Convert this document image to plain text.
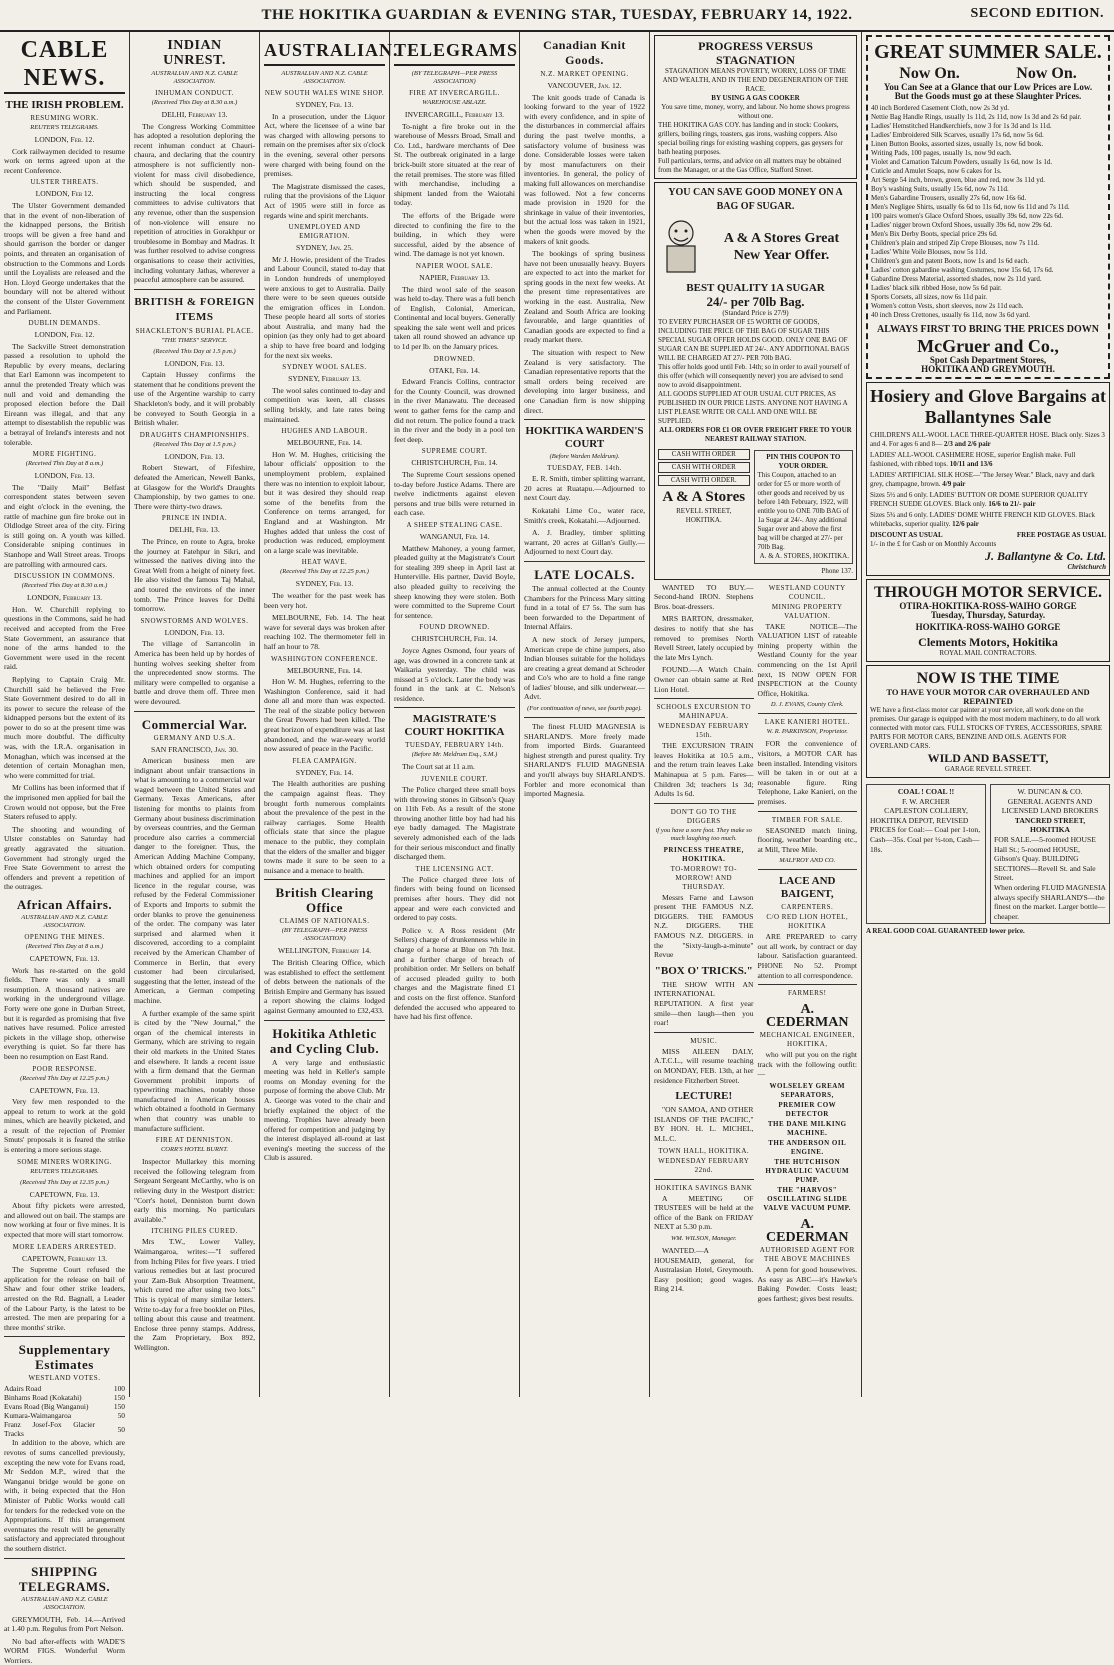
THE HOKITIKA GUARDIAN & EVENING STAR, TUESDAY, FEBRUARY 14, 1922.	SECOND EDITION.
CABLE NEWS.
THE IRISH PROBLEM.
RESUMING WORK.
REUTER'S TELEGRAMS.
LONDON, Feb. 12.

Cork railwaymen decided to resume work on terms agreed upon at the recent Conference.

ULSTER THREATS.
LONDON, Feb 12.

The Ulster Government demanded that in the event of non-liberation of the kidnapped persons, the British troops will be given a free hand and should garrison the border or danger points, and threaten an organisation of obstruction to the Commons and Lords until the Loyalists are released and the Hon. Lloyd George undertakes that the boundary will not be altered without the consent of the Ulster Government and Parliament.

DUBLIN DEMANDS.
LONDON, Feb. 12.

The Sackville Street demonstration passed a resolution to uphold the Republic by every means, declaring that Earl Eamonn was incompetent to annul the pretended Treaty which was null and void and demanding the proposed election before the Dail Eireann was illegal, and that any attempt to disestablish the republic was a betrayal of Ireland's interests and not tolerable.

MORE FIGHTING.
(Received This Day at 8 a.m.)
LONDON, Feb. 13.

The "Daily Mail" Belfast correspondent states between seven and eight o'clock in the evening, the rattle of machine gun fire broke out in Oldlodge Street area of the city. Firing is still going on. A youth was killed. Considerable sniping continues in Stanhope and Wall Street areas. Troops are patrolling with armoured cars.

DISCUSSION IN COMMONS.
(Received This Day at 8.30 a.m.)
LONDON, February 13.

Hon. W. Churchill replying to questions in the Commons, said he had received and accepted from the Free State Government, an assurance that none of the arms handed to the Government were used in the recent raid.

Replying to Captain Craig Mr. Churchill said he believed the Free State Government desired to do all in its power to secure the release of the kidnapped persons but the extent of its power to do so at the present time was much more doubtful. The difficulty was, with the I.R.A. organisation in Monaghan, which was incensed at the detention of certain Monaghan men, who were committed for trial.

Mr Collins has been informed that if the imprisoned men applied for bail the Crown would not oppose, but the Free Staters refused to apply.

The shooting and wounding of Ulster constables on Saturday had greatly aggravated the situation. Government had strongly urged the Free State Government to arrest the offenders and prevent a repetition of the outrages.

African Affairs.
AUSTRALIAN AND N.Z. CABLE ASSOCIATION.
OPENING THE MINES.
(Received This Day at 8 a.m.)
CAPETOWN, Feb. 13.

Work has re-started on the gold fields. There was only a small resumption. A thousand natives are working in the underground village. Forty were one gone in Durban Street, but it is regarded as promising that five natives have resumed. Police arrested pickets in the village shop, otherwise everything is quiet. So far there has been no resumption on East Rand.

POOR RESPONSE.
(Received This Day at 12.25 p.m.)
CAPETOWN, Feb. 13.

Very few men responded to the appeal to return to work at the gold mines, which are heavily picketed, and a result of the rejection of Premier Smuts' proposals it is feared the strike is entering a more serious stage.

SOME MINERS WORKING.
REUTER'S TELEGRAMS.
(Received This Day at 12.35 p.m.)
CAPETOWN, Feb. 13.

About fifty pickets were arrested, and allowed out on bail. The stamps are now working at four or five mines. It is expected that more will start tomorrow.

MORE LEADERS ARRESTED.
CAPETOWN, February 13.

The Supreme Court refused the application for the release on bail of Shaw and four other strike leaders, arrested on the Rd. Bagnall, a Leader of the Labour Party, is the latest to be arrested. The men are preparing for a three months' strike.

Supplementary Estimates
WESTLAND VOTES.
Adairs Road	100
Binhams Road (Kokatahi)	150
Evans Road (Big Wanganui)	150
Kumara-Waimangaroa	50
Franz Josef-Fox Glacier Tracks	50

In addition to the above, which are revotes of sums cancelled previously, excepting the new vote for Evans road, Mr Seddon M.P., wired that the Wanganui bridge would be gone on with, it being expected that the Hon Minister of Public Works would call for tenders for the redecked vote on the Appropriations. If this arrangement eventuates the result will be generally satisfactory and appreciated throughout the southern district.

SHIPPING TELEGRAMS.
AUSTRALIAN AND N.Z. CABLE ASSOCIATION.

GREYMOUTH, Feb. 14.—Arrived at 1.40 p.m. Regulus from Port Nelson.

No bad after-effects with WADE'S WORM FIGS. Wonderful Worm Worriers.

INDIAN UNREST.
AUSTRALIAN AND N.Z. CABLE ASSOCIATION.
INHUMAN CONDUCT.
(Received This Day at 8.30 a.m.)
DELHI, February 13.

The Congress Working Committee has adopted a resolution deploring the recent inhuman conduct at Chauri-chaura, and declaring that the country atmosphere is not sufficiently non-violent for mass civil disobedience, which should be suspended, and instructing the local congress committees to advise cultivators that any revenue, other than the suspension of non-violence will ensure no repetition of atrocities in Gorakhpur or troublesome in Bombay and Madras. It was further resolved to advise congress organisations to cease their activities, including voluntary Jathas, wherever a peaceful atmosphere can be assured.

BRITISH & FOREIGN ITEMS
SHACKLETON'S BURIAL PLACE.
"THE TIMES" SERVICE.
(Received This Day at 1.5 p.m.)
LONDON, Feb. 13.

Captain Hussey confirms the statement that he conditions prevent the use of the Argentine warship to carry Shackleton's body, and it will probably be conveyed to South Georgia in a British whaler.

DRAUGHTS CHAMPIONSHIPS.
(Received This Day at 1.5 p.m.)
LONDON, Feb. 13.

Robert Stewart, of Fifeshire, defeated the American, Newell Banks, at Glasgow for the World's Draughts Championship, by two games to one. There were thirty-two draws.

PRINCE IN INDIA.
DELHI, Feb. 13.

The Prince, en route to Agra, broke the journey at Fatehpur in Sikri, and witnessed the natives diving into the Great Well from a height of ninety feet. He also visited the famous Taj Mahal, and toured the environs of the inner tomb. The Prince leaves for Delhi tomorrow.

SNOWSTORMS AND WOLVES.
LONDON, Feb. 13.

The village of Sarrancolin in America has been held up by hordes of hunting wolves seeking shelter from the unprecedented snow storms. The military were compelled to organise a battle and drove them off. Three men were devoured.

Commercial War.
GERMANY AND U.S.A.
SAN FRANCISCO, Jan. 30.

American business men are indignant about unfair transactions in what is amounting to a commercial war waged between the United States and Germany. Texas Americans, after listening for months to plaints from Germany about business discrimination by overseas countries, and the German procedure also carries a commercial danger to the foreigner. Thus, the American Adding Machine Company, which obtained orders for computing machines and applied for an import licence in the regular course, was refused by the Federal Commissioner of Exports and Imports to submit the order blanks to prove the genuineness of the order. The company was later surprised and alarmed when it discovered, according to a complaint received by the American Chamber of Commerce in Berlin, that every customer had been circularised, suggesting that the letter, instead of the American, a German competing machine.

A further example of the same spirit is cited by the "New Journal," the organ of the chemical interests in Germany, which are striving to regain their old markets in the United States and elsewhere. It lands a recent issue with a firm demand that the German Government prohibit imports of typewriting machines, notably those manufactured in American houses which obtained a foothold in Germany when that country was unable to manufacture sufficient.

FIRE AT DENNISTON.
CORR'S HOTEL BURNT.

Inspector Mullarkey this morning received the following telegram from Sergeant Sergeant McCarthy, who is on relieving duty in the Westport district: "Corr's hotel, Denniston burnt down early this morning. No particulars available."

ITCHING PILES CURED.

Mrs T.W., Lower Valley, Waimangaroa, writes:—"I suffered from Itching Piles for five years. I tried various remedies but at last procured your Zam-Buk Absorption Treatment, which cured me after using two lots." This is typical of many similar letters. Write to-day for a free booklet on Piles, telling about this cause and treatment. Enclose three penny stamps. Address, the Zam Proprietary, Box 892, Wellington.

AUSTRALIAN.
AUSTRALIAN AND N.Z. CABLE ASSOCIATION.
NEW SOUTH WALES WINE SHOP.
SYDNEY, Feb. 13.

In a prosecution, under the Liquor Act, where the licensee of a wine bar was charged with allowing persons to remain on the premises after six o'clock in the evening, several other persons were charged with being found on the premises.

The Magistrate dismissed the cases, ruling that the provisions of the Liquor Act of 1905 were still in force as regards wine and spirit merchants.

UNEMPLOYED AND EMIGRATION.
SYDNEY, Jan. 25.

Mr J. Howie, president of the Trades and Labour Council, stated to-day that in London hundreds of unemployed were anxious to get to Australia. Daily there were to be seen queues outside the emigration offices in London. These people heard all sorts of stories about Australia, and many had the opinion (as they only had to get aboard a ship to have free board and lodging for the next six weeks.

SYDNEY WOOL SALES.
SYDNEY, February 13.

The wool sales continued to-day and competition was keen, all classes selling briskly, and late rates being maintained.

HUGHES AND LABOUR.
MELBOURNE, Feb. 14.

Hon W. M. Hughes, criticising the labour officials' opposition to the unemployment problem, explained there was no intention to exploit labour, but it was desired they should reap some of the benefits from the Conference on terms arranged, for England and at Washington. Mr Hughes added that unless the cost of production was reduced, employment on a large scale was inevitable.

HEAT WAVE.
(Received This Day at 12.25 p.m.)
SYDNEY, Feb. 13.

The weather for the past week has been very hot.

MELBOURNE, Feb. 14. The heat wave for several days was broken after reaching 102. The thermometer fell in half an hour to 78.

WASHINGTON CONFERENCE.
MELBOURNE, Feb. 14.

Hon W. M. Hughes, referring to the Washington Conference, said it had done all and more than was expected. The real of the sizable policy between the Great Powers had been killed. The great horizon of expenditure was at last abandoned, and the war-weary world now assured of peace in the Pacific.

FLEA CAMPAIGN.
SYDNEY, Feb. 14.

The Health authorities are pushing the campaign against fleas. They brought forth numerous complaints about the prevalence of the pest in the railway carriages. Some Health officials state that since the plague menace to the public, they complain that the elders of the smaller and bigger towns made it sure to be seen to a nuisance and a menace to health.

British Clearing Office
CLAIMS OF NATIONALS.
(BY TELEGRAPH—PER PRESS ASSOCIATION)
WELLINGTON, February 14.

The British Clearing Office, which was established to effect the settlement of debts between the nationals of the British Empire and Germany has issued a report showing the claims lodged against Germany amounted to £32,433.

Hokitika Athletic and Cycling Club.

A very large and enthusiastic meeting was held in Keller's sample rooms on Monday evening for the purpose of forming the above Club. Mr A. George was voted to the chair and briefly explained the object of the meeting. Trophies have already been offered for competition and judging by the interest displayed all-round at last evening's meeting the success of the Club is assured.

TELEGRAMS
(BY TELEGRAPH—PER PRESS ASSOCIATION)
FIRE AT INVERCARGILL.
WAREHOUSE ABLAZE.
INVERCARGILL, February 13.

To-night a fire broke out in the warehouse of Messrs Broad, Small and Co. Ltd., hardware merchants of Dee St. The outbreak originated in a large brick-built store situated at the rear of the retail premises. The store was filled with merchandise, including a shipment landed from the Waiotahi today.

The efforts of the Brigade were directed to confining the fire to the building, in which they were successful, aided by the absence of wind. The damage is not yet known.

NAPIER WOOL SALE.
NAPIER, February 13.

The third wool sale of the season was held to-day. There was a full bench of English, Colonial, American, Continental and local buyers. Generally speaking the sale went well and prices taken all round showed an advance up to 1d per lb. on the January prices.

DROWNED.
OTAKI, Feb. 14.

Edward Francis Collins, contractor for the County Council, was drowned in the river Manawatu. The deceased went to gather ferns for the camp and did not return. The police found a track in the river and the body in a pool ten feet deep.

SUPREME COURT.
CHRISTCHURCH, Feb. 14.

The Supreme Court sessions opened to-day before Justice Adams. There are twelve indictments against eleven persons and true bills were returned in each case.

A SHEEP STEALING CASE.
WANGANUI, Feb. 14.

Matthew Mahoney, a young farmer, pleaded guilty at the Magistrate's Court for stealing 399 sheep in April last at Hunterville. His partner, David Boyle, also pleaded guilty to receiving the sheep knowing they were stolen. Both were committed to the Supreme Court for sentence.

FOUND DROWNED.
CHRISTCHURCH, Feb. 14.

Joyce Agnes Osmond, four years of age, was drowned in a concrete tank at Waikaria yesterday. The child was missed at 5 o'clock. Later the body was found in the tank at C. Nelson's residence.

MAGISTRATE'S COURT HOKITIKA
TUESDAY, FEBRUARY 14th.
(Before Mr. Meldrum Esq., S.M.)

The Court sat at 11 a.m.

JUVENILE COURT.

The Police charged three small boys with throwing stones in Gibson's Quay on 11th Feb. As a result of the stone throwing another little boy had had his eye badly damaged. The Magistrate severely admonished each of the lads for their serious misconduct and finally discharged them.

THE LICENSING ACT.

The Police charged three lots of finders with being found on licensed premises after hours. They did not appear and were each convicted and ordered to pay costs.

Police v. A Ross resident (Mr Sellers) charge of drunkenness while in charge of a horse at Blue on 7th Inst. and a further charge of breach of prohibition order. Mr Sellers on behalf of accused pleaded guilty to both charges and the Magistrate fined £1 and costs on the first offence. Stanford defended the accused who appeared to have had his first offence.

Canadian Knit Goods.
N.Z. MARKET OPENING.
VANCOUVER, Jan. 12.

The knit goods trade of Canada is looking forward to the year of 1922 with every confidence, and in spite of the disturbances in commercial affairs during the past twelve months, a satisfactory volume of business was done. Considerable losses were taken by most manufacturers on their inventories. In general, the policy of making full allowances on merchandise was followed. Not a few concerns made provision in 1920 for the shrinkage in value of their inventories, but the actual loss was taken in 1921, when the goods were moved by the makers of knit goods.

The bookings of spring business have not been unusually heavy. Buyers are expected to act into the market for spring goods in the next few weeks. At the present time representatives are working in the east. Australia, New Zealand and South Africa are looking favourable, and large quantities of Canadian goods are expected to find a ready market there.

The situation with respect to New Zealand is very satisfactory. The Canadian representative reports that the small orders being received are developing into larger business, and one Canadian firm is now shipping direct.

HOKITIKA WARDEN'S COURT
(Before Warden Meldrum).
TUESDAY, FEB. 14th.

E. R. Smith, timber splitting warrant, 20 acres at Ruatapu.—Adjourned to next Court day.

Kokatahi Lime Co., water race, Smith's creek, Kokatahi.—Adjourned.

A. J. Bradley, timber splitting warrant, 20 acres at Gillan's Gully.—Adjourned to next Court day.

LATE LOCALS.

The annual collected at the County Chambers for the Princess Mary sitting fund in a total of £7 5s. The sum has been forwarded to the Department of Internal Affairs.

A new stock of Jersey jumpers, American crepe de chine jumpers, also Indian blouses suitable for the holidays are creating a great demand at Schroder and Co's who are to hold a fine range of ladies' blouse, and silk underwear.—Advt.

(For continuation of news, see fourth page).

The finest FLUID MAGNESIA is SHARLAND'S. More freely made from imported Birds. Guaranteed highest strength and purest quality. Try SHARLAND'S FLUID MAGNESIA and you'll always buy SHARLAND'S. Forbler and more economical than imported Magnesia.

PROGRESS VERSUS STAGNATION
STAGNATION MEANS POVERTY, WORRY, LOSS OF TIME AND WEALTH, AND IN THE END DEGENERATION OF THE RACE.
BY USING A GAS COOKER
You save time, money, worry, and labour. No home shows progress without one.
THE HOKITIKA GAS COY. has landing and in stock: Cookers, grillers, boiling rings, toasters, gas irons, washing coppers. Also special boiling rings for existing washing coppers, gas geysers for bath heating purposes.
Full particulars, terms, and advice on all matters may be obtained from the Manager, or at the Gas Office, Stafford Street.
YOU CAN SAVE GOOD MONEY ON A BAG OF SUGAR.
A & A Stores Great New Year Offer.
BEST QUALITY 1A SUGAR
24/- per 70lb Bag.
(Standard Price is 27/9)
TO EVERY PURCHASER OF £5 WORTH OF GOODS, INCLUDING THE PRICE OF THE BAG OF SUGAR THIS SPECIAL SUGAR OFFER HOLDS GOOD. ONLY ONE BAG OF SUGAR CAN BE SUPPLIED AT 24/-. ANY ADDITIONAL BAGS WILL BE CHARGED AT 27/- PER 70lb BAG.
This offer holds good until Feb. 14th; so in order to avail yourself of this offer (which will consequently never) you are advised to send now to avoid disappointment.
ALL GOODS SUPPLIED AT OUR USUAL CUT PRICES, AS PUBLISHED IN OUR PRICE LISTS. ANYONE NOT HAVING A LIST PLEASE WRITE OR CALL AND ONE WILL BE SUPPLIED.
ALL ORDERS FOR £1 OR OVER FREIGHT FREE TO YOUR NEAREST RAILWAY STATION.
CASH WITH ORDER
CASH WITH ORDER
CASH WITH ORDER.
A & A Stores
REVELL STREET, HOKITIKA.
PIN THIS COUPON TO YOUR ORDER.
This Coupon, attached to an order for £5 or more worth of other goods and received by us before 14th February, 1922, will entitle you to ONE 70lb BAG of 1a Sugar at 24/-. Any additional Sugar over and above the first bag will be charged at 27/- per 70lb Bag.
A. & A. STORES, HOKITIKA.
Phone 137.

WANTED TO BUY.—Second-hand IRON. Stephens Bros. boat-dressers.

MRS BARTON, dressmaker, desires to notify that she has removed to premises North Revell Street, lately occupied by the late Mrs Lynch.

FOUND.—A Watch Chain. Owner can obtain same at Red Lion Hotel.

SCHOOLS EXCURSION TO MAHINAPUA.
WEDNESDAY FEBRUARY 15th.

THE EXCURSION TRAIN leaves Hokitika at 10.5 a.m., and the return train leaves Lake Mahinapua at 5 p.m. Fares—Children 3d; teachers 1s 3d; Adults 1s 6d.

DON'T GO TO THE DIGGERS
if you have a sore foot. They make so much laughing too much.
PRINCESS THEATRE, HOKITIKA.
TO-MORROW! TO-MORROW! AND THURSDAY.

Messrs Farne and Lawson present THE FAMOUS N.Z. DIGGERS. THE FAMOUS N.Z. DIGGERS. THE FAMOUS N.Z. DIGGERS. in the "Sixty-laugh-a-minute" Revue

"BOX O' TRICKS."

THE SHOW WITH AN INTERNATIONAL REPUTATION. A first year smile—then laugh—then you roar!

MUSIC.

MISS AILEEN DALY, A.T.C.L., will resume teaching on MONDAY, FEB. 13th, at her residence Fitzherbert Street.

LECTURE!

"ON SAMOA, AND OTHER ISLANDS OF THE PACIFIC," BY HON. H. L. MICHEL, M.L.C.

TOWN HALL, HOKITIKA.
WEDNESDAY FEBRUARY 22nd.
HOKITIKA SAVINGS BANK

A MEETING OF TRUSTEES will be held at the office of the Bank on FRIDAY NEXT at 5.30 p.m.

WM. WILSON, Manager.

WANTED.—A HOUSEMAID, general, for Australasian Hotel, Greymouth. Easy position; good wages. Ring 214.

WESTLAND COUNTY COUNCIL.
MINING PROPERTY VALUATION.

TAKE NOTICE—The VALUATION LIST of rateable mining property within the Westland County for the year commencing on the 1st April next, IS NOW OPEN FOR INSPECTION at the County Office, Hokitika.

D. J. EVANS, County Clerk.
LAKE KANIERI HOTEL.
W. R. PARKINSON, Proprietor.

FOR the convenience of visitors, a MOTOR CAR has been installed. Intending visitors will be taken in or out at a reasonable figure. Ring Telephone, Lake Kanieri, on the premises.

TIMBER FOR SALE.

SEASONED match lining, flooring, weather boarding etc., at Mill, Three Mile.

MALFROY AND CO.
LACE AND BAIGENT,
CARPENTERS.
C/O RED LION HOTEL, HOKITIKA

ARE PREPARED to carry out all work, by contract or day labour. Satisfaction guaranteed. PHONE No 52. Prompt attention to all correspondence.

FARMERS!
A. CEDERMAN
MECHANICAL ENGINEER, HOKITIKA,

who will put you on the right track with the following outfit:—

WOLSELEY GREAM SEPARATORS,
PREMIER COW DETECTOR
THE DANE MILKING MACHINE.
THE ANDERSON OIL ENGINE.
THE HUTCHISON HYDRAULIC VACUUM PUMP.
THE "HARVOS" OSCILLATING SLIDE VALVE VACUUM PUMP.
A. CEDERMAN
AUTHORISED AGENT FOR THE ABOVE MACHINES

A penn for good housewives. As easy as ABC—it's Hawke's Baking Powder. Costs least; goes farthest; gives best results.

GREAT SUMMER SALE.
Now On.	Now On.
You Can See at a Glance that our Low Prices are Low.
But the Goods must go at these Slaughter Prices.
40 inch Bordered Casement Cloth, now 2s 3d yd.
Nettie Bag Handle Rings, usually 1s 11d, 2s 11d, now 1s 3d and 2s 6d pair.
Ladies' Hemstitched Handkerchiefs, now 3 for 1s 3d and 1s 11d.
Ladies' Embroidered Silk Scarves, usually 17s 6d, now 5s 6d.
Linen Button Books, assorted sizes, usually 1s, now 6d book.
Writing Pads, 100 pages, usually 1s, now 9d each.
Violet and Carnation Talcum Powders, usually 1s 6d, now 1s 1d.
Cuticle and Amulet Soaps, now 6 cakes for 1s.
Art Serge 54 inch, brown, green, blue and red, now 3s 11d yd.
Boy's washing Suits, usually 15s 6d, now 7s 11d.
Men's Gabardine Trousers, usually 27s 6d, now 16s 6d.
Men's Negligee Shirts, usually 6s 6d to 11s 6d, now 6s 11d and 7s 11d.
100 pairs women's Glace Oxford Shoes, usually 39s 6d, now 22s 6d.
Ladies' nigger brown Oxford Shoes, usually 39s 6d, now 29s 6d.
Men's Bix Derby Boots, special price 29s 6d.
Children's plain and striped Zip Crepe Blouses, now 7s 11d.
Ladies' White Voile Blouses, now 5s 11d.
Children's gun and patent Boots, now 1s and 1s 6d each.
Ladies' cotton gabardine washing Costumes, now 15s 6d, 17s 6d.
Gabardine Dress Material, assorted shades, now 2s 11d yard.
Ladies' black silk ribbed Hose, now 5s 6d pair.
Sports Corsets, all sizes, now 6s 11d pair.
Women's cotton Vests, short sleeves, now 2s 11d each.
40 inch Dress Crettones, usually 6s 11d, now 3s 6d yard.
ALWAYS FIRST TO BRING THE PRICES DOWN
McGruer and Co.,
Spot Cash Department Stores,
HOKITIKA AND GREYMOUTH.
Hosiery and Glove Bargains at Ballantynes Sale
CHILDREN'S ALL-WOOL LACE THREE-QUARTER HOSE. Black only. Sizes 3 and 4. For ages 6 and 8— 2/3 and 2/6 pair
LADIES' ALL-WOOL CASHMERE HOSE, superior English make. Full fashioned, with ribbed tops. 10/11 and 13/6
LADIES' ARTIFICIAL SILK HOSE—"The Jersey Wear." Black, navy and dark grey, champagne, brown. 4/9 pair
Sizes 5½ and 6 only. LADIES' BUTTON OR DOME SUPERIOR QUALITY FRENCH SUEDE GLOVES. Black only. 16/6 to 21/- pair
Sizes 5¾ and 6 only. LADIES' DOME WHITE FRENCH KID GLOVES. Black whitebacks, superior quality. 12/6 pair
DISCOUNT AS USUAL	FREE POSTAGE AS USUAL
1/- in the £ for Cash or on Monthly Accounts
J. Ballantyne & Co. Ltd.
Christchurch
THROUGH MOTOR SERVICE.
OTIRA-HOKITIKA-ROSS-WAIHO GORGE
Tuesday, Thursday, Saturday.
HOKITIKA-ROSS-WAIHO GORGE
Clements Motors, Hokitika
ROYAL MAIL CONTRACTORS.
NOW IS THE TIME
TO HAVE YOUR MOTOR CAR OVERHAULED AND REPAINTED
WE have a first-class motor car painter at your service, all work done on the premises. Our garage is equipped with the most modern machinery, to do all work connected with motor cars. FULL STOCKS OF TYRES, ACCESSORIES, SPARE PARTS FOR MOTOR CARS, BENZINE AND OILS. AGENTS FOR OVERLAND CARS.
WILD AND BASSETT,
GARAGE REVELL STREET.
COAL ! COAL !!
F. W. ARCHER
CAPLESTON COLLIERY,
HOKITIKA DEPOT, REVISED PRICES for Coal:— Coal per 1-ton, Cash—35s. Coal per ½-ton, Cash—18s.
W. DUNCAN & CO.
GENERAL AGENTS AND LICENSED LAND BROKERS
TANCRED STREET, HOKITIKA
FOR SALE.—5-roomed HOUSE Hall St.; 5-roomed HOUSE, Gibson's Quay. BUILDING SECTIONS—Revell St. and Sale Street.
When ordering FLUID MAGNESIA always specify SHARLAND'S—the finest on the market. Larger bottle—cheaper.
A REAL GOOD COAL GUARANTEED lower price.
